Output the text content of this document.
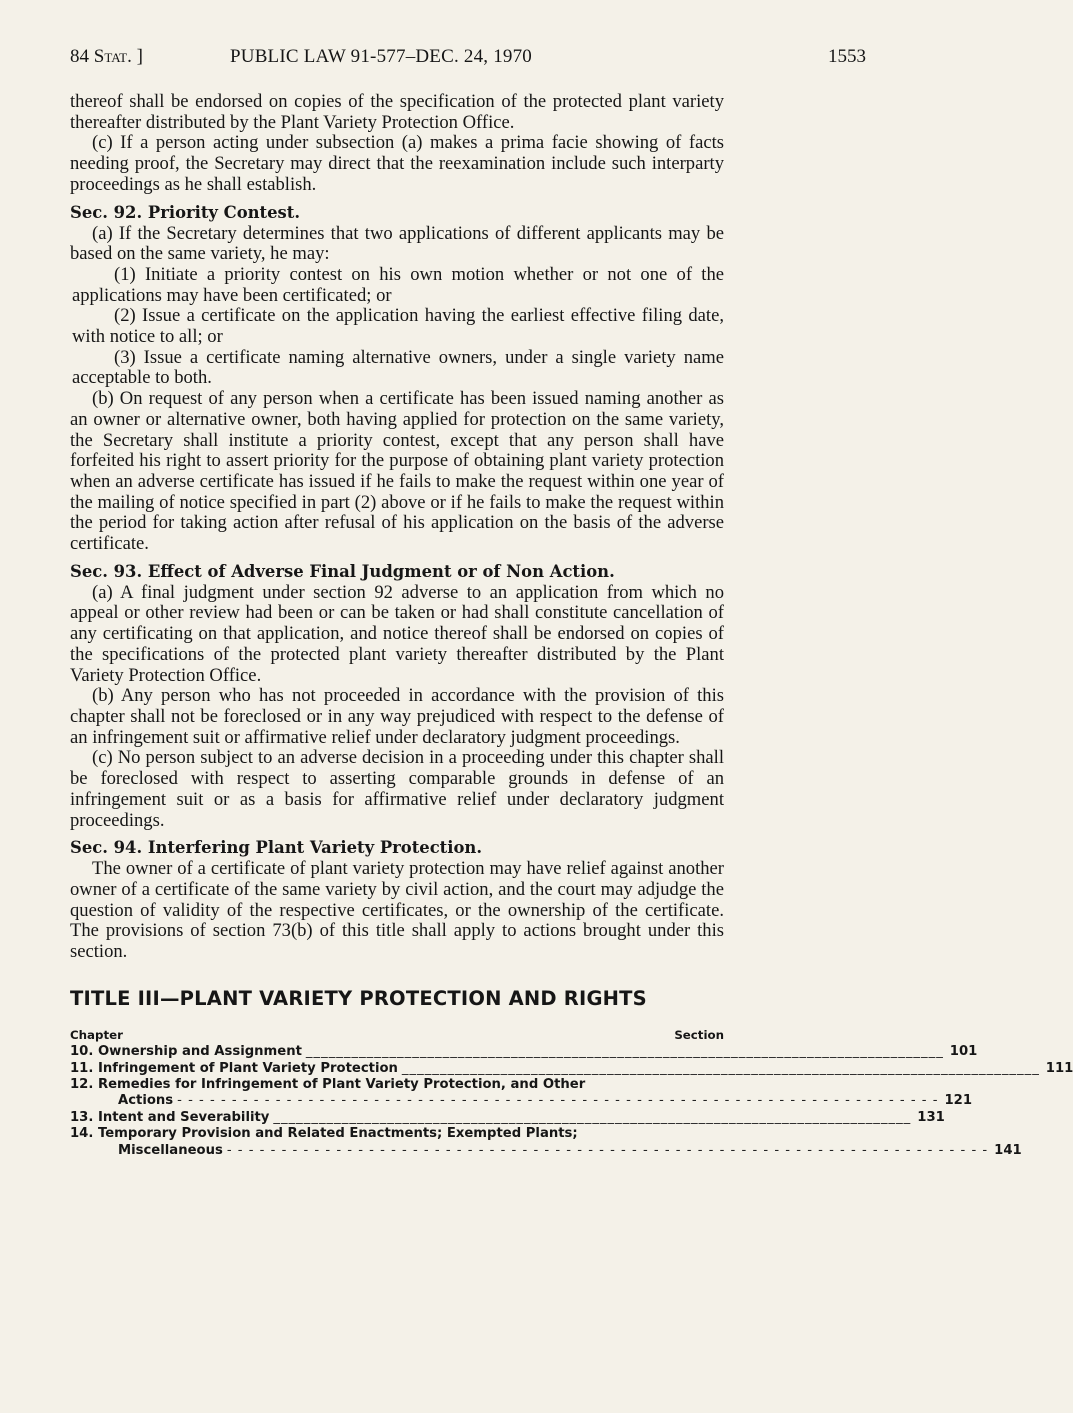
84 Stat. ]	PUBLIC LAW 91-577–DEC. 24, 1970	1553

thereof shall be endorsed on copies of the specification of the protected plant variety thereafter distributed by the Plant Variety Protection Office.

(c) If a person acting under subsection (a) makes a prima facie showing of facts needing proof, the Secretary may direct that the reexamination include such interparty proceedings as he shall establish.

Sec. 92. Priority Contest.

(a) If the Secretary determines that two applications of different applicants may be based on the same variety, he may:

(1) Initiate a priority contest on his own motion whether or not one of the applications may have been certificated; or

(2) Issue a certificate on the application having the earliest effective filing date, with notice to all; or

(3) Issue a certificate naming alternative owners, under a single variety name acceptable to both.

(b) On request of any person when a certificate has been issued naming another as an owner or alternative owner, both having applied for protection on the same variety, the Secretary shall institute a priority contest, except that any person shall have forfeited his right to assert priority for the purpose of obtaining plant variety protection when an adverse certificate has issued if he fails to make the request within one year of the mailing of notice specified in part (2) above or if he fails to make the request within the period for taking action after refusal of his application on the basis of the adverse certificate.

Sec. 93. Effect of Adverse Final Judgment or of Non Action.

(a) A final judgment under section 92 adverse to an application from which no appeal or other review had been or can be taken or had shall constitute cancellation of any certificating on that application, and notice thereof shall be endorsed on copies of the specifications of the protected plant variety thereafter distributed by the Plant Variety Protection Office.

(b) Any person who has not proceeded in accordance with the provision of this chapter shall not be foreclosed or in any way prejudiced with respect to the defense of an infringement suit or affirmative relief under declaratory judgment proceedings.

(c) No person subject to an adverse decision in a proceeding under this chapter shall be foreclosed with respect to asserting comparable grounds in defense of an infringement suit or as a basis for affirmative relief under declaratory judgment proceedings.

Sec. 94. Interfering Plant Variety Protection.

The owner of a certificate of plant variety protection may have relief against another owner of a certificate of the same variety by civil action, and the court may adjudge the question of validity of the respective certificates, or the ownership of the certificate. The provisions of section 73(b) of this title shall apply to actions brought under this section.

TITLE III—PLANT VARIETY PROTECTION AND RIGHTS

Chapter	Section
10. Ownership and Assignment ____________________________________________________________________________________ 101
11. Infringement of Plant Variety Protection ____________________________________________________________________________________ 111
12. Remedies for Infringement of Plant Variety Protection, and Other
Actions - - - - - - - - - - - - - - - - - - - - - - - - - - - - - - - - - - - - - - - - - - - - - - - - - - - - - - - - - - - - - - - - - - - - - - 121
13. Intent and Severability ____________________________________________________________________________________ 131
14. Temporary Provision and Related Enactments; Exempted Plants;
Miscellaneous - - - - - - - - - - - - - - - - - - - - - - - - - - - - - - - - - - - - - - - - - - - - - - - - - - - - - - - - - - - - - - - - - - - - - - 141
